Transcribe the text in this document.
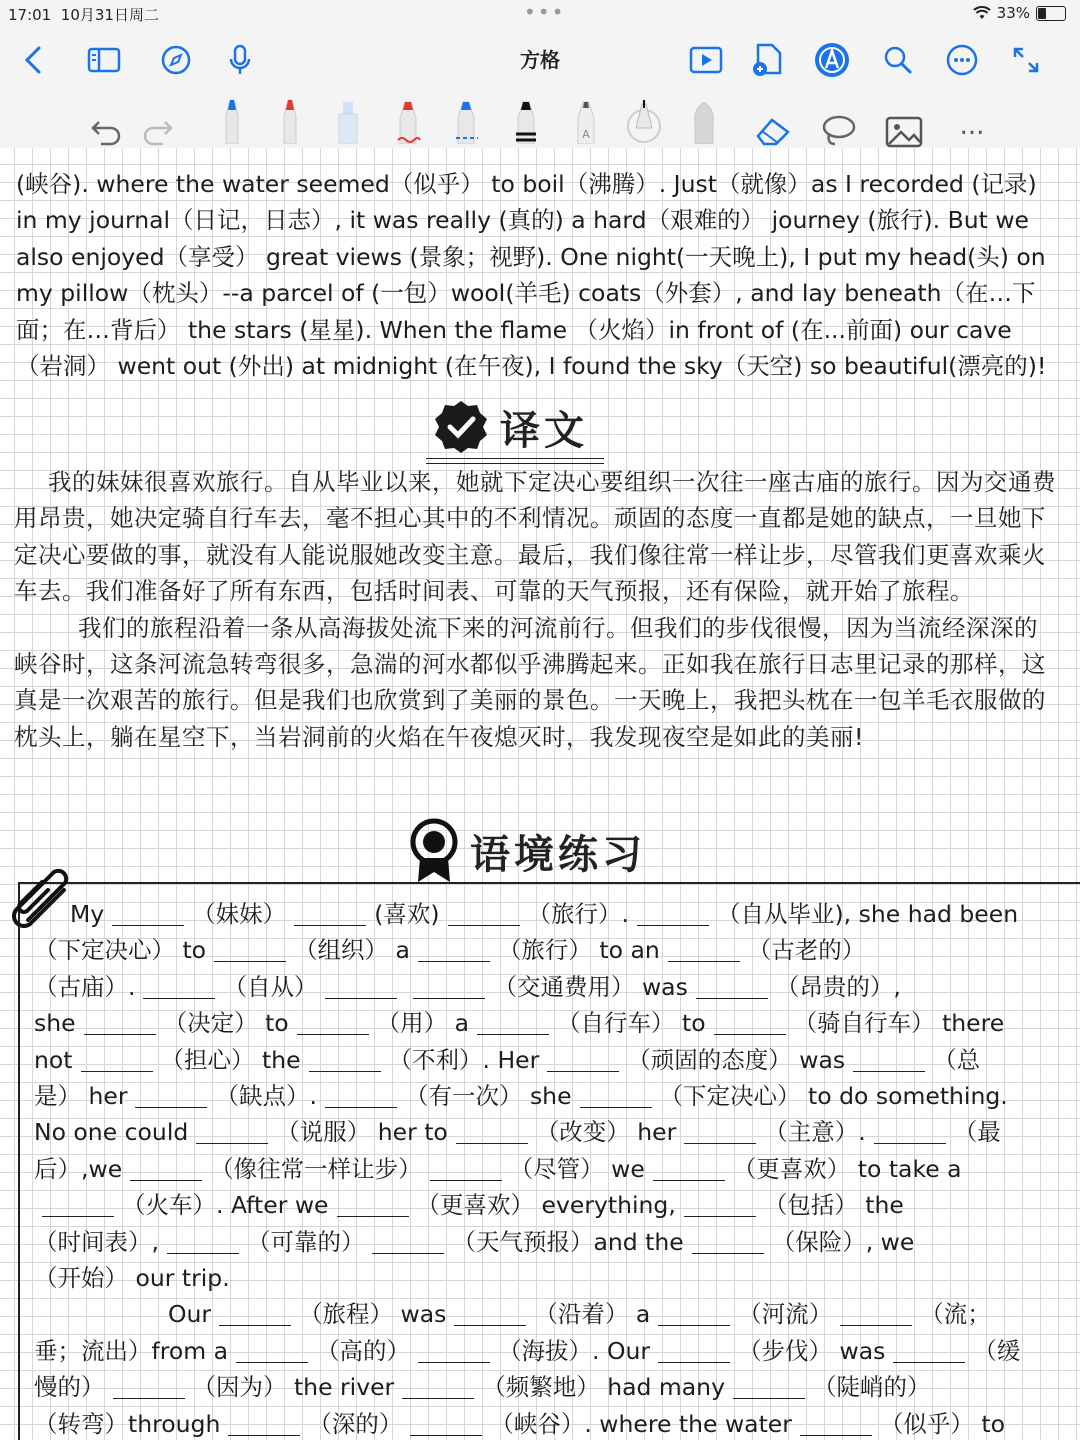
17:01 10月31日周二	•••	33%
方格
A	...
(峡谷). where the water seemed（似乎） to boil（沸腾）. Just（就像）as I recorded (记录)
in my journal（日记，日志）, it was really (真的) a hard（艰难的） journey (旅行). But we
also enjoyed（享受） great views (景象；视野). One night(一天晚上), I put my head(头) on
my pillow（枕头）--a parcel of (一包）wool(羊毛) coats（外套）, and lay beneath（在…下
面；在…背后） the stars (星星). When the flame （火焰）in front of (在...前面) our cave
（岩洞） went out (外出) at midnight (在午夜), I found the sky（天空) so beautiful(漂亮的)!
译文

我的妹妹很喜欢旅行。自从毕业以来，她就下定决心要组织一次往一座古庙的旅行。因为交通费用昂贵，她决定骑自行车去，毫不担心其中的不利情况。顽固的态度一直都是她的缺点，一旦她下定决心要做的事，就没有人能说服她改变主意。最后，我们像往常一样让步，尽管我们更喜欢乘火车去。我们准备好了所有东西，包括时间表、可靠的天气预报，还有保险，就开始了旅程。

我们的旅程沿着一条从高海拔处流下来的河流前行。但我们的步伐很慢，因为当流经深深的峡谷时，这条河流急转弯很多，急湍的河水都似乎沸腾起来。正如我在旅行日志里记录的那样，这真是一次艰苦的旅行。但是我们也欣赏到了美丽的景色。一天晚上，我把头枕在一包羊毛衣服做的枕头上，躺在星空下，当岩洞前的火焰在午夜熄灭时，我发现夜空是如此的美丽!

语境练习
My	（妹妹）	(喜欢)	（旅行）.	（自从毕业), she had been
（下定决心） to	（组织） a	（旅行） to an	（古老的）
（古庙）.	（自从）	（交通费用） was	（昂贵的）,
she	（决定） to	（用） a	（自行车） to	（骑自行车） there
not	（担心） the	（不利）. Her	（顽固的态度） was	（总
是） her	（缺点）.	（有一次） she	（下定决心） to do something.
No one could	（说服） her to	（改变） her	（主意）.	（最
后）,we	（像往常一样让步）	（尽管） we	（更喜欢） to take a
（火车）. After we	（更喜欢） everything,	（包括） the
（时间表）,	（可靠的）	（天气预报）and the	（保险）, we
（开始） our trip.
Our	（旅程） was	（沿着） a	（河流）	（流；
垂；流出）from a	（高的）	（海拔）. Our	（步伐） was	（缓
慢的）	（因为） the river	（频繁地） had many	（陡峭的）
（转弯）through	（深的）	（峡谷）. where the water	（似乎） to
